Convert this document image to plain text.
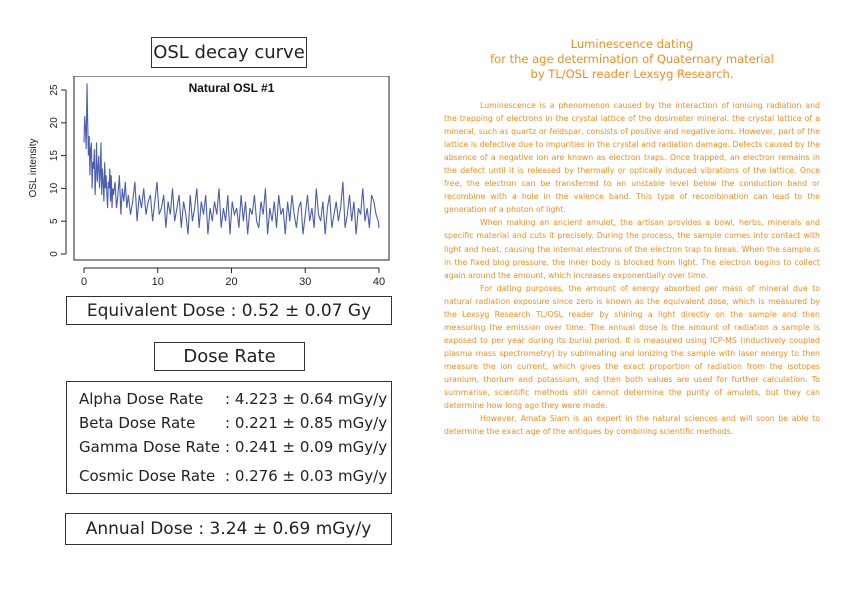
OSL decay curve
Natural OSL #1
0	10	20	30	40
0
5
10
15
20
25
OSL intensity
Equivalent Dose : 0.52 ± 0.07 Gy
Dose Rate
Alpha Dose Rate : 4.223 ± 0.64 mGy/y
Beta Dose Rate : 0.221 ± 0.85 mGy/y
Gamma Dose Rate : 0.241 ± 0.09 mGy/y
Cosmic Dose Rate : 0.276 ± 0.03 mGy/y
Annual Dose : 3.24 ± 0.69 mGy/y
Luminescence dating
for the age determination of Quaternary material
by TL/OSL reader Lexsyg Research.

Luminescence is a phenomenon caused by the interaction of ionising radiation and the trapping of electrons in the crystal lattice of the dosimeter mineral. the crystal lattice of a mineral, such as quartz or feldspar, consists of positive and negative ions. However, part of the lattice is defective due to impurities in the crystal and radiation damage. Defects caused by the absence of a negative ion are known as electron traps. Once trapped, an electron remains in the defect until it is released by thermally or optically induced vibrations of the lattice. Once free, the electron can be transferred to an unstable level below the conduction band or recombine with a hole in the valence band. This type of recombination can lead to the generation of a photon of light.

When making an ancient amulet, the artisan provides a bowl, herbs, minerals and specific material and cuts it precisely. During the process, the sample comes into contact with light and heat, causing the internal electrons of the electron trap to break. When the sample is in the fixed blog pressure, the inner body is blocked from light. The electron begins to collect again around the amount, which increases exponentially over time.

For dating purposes, the amount of energy absorbed per mass of mineral due to natural radiation exposure since zero is known as the equivalent dose, which is measured by the Lexsyg Research TL/OSL reader by shining a light directly on the sample and then measuring the emission over time. The annual dose is the amount of radiation a sample is exposed to per year during its burial period. It is measured using ICP-MS (inductively coupled plasma mass spectrometry) by sublimating and ionizing the sample with laser energy to then measure the ion current, which gives the exact proportion of radiation from the isotopes uranium, thorium and potassium, and then both values are used for further calculation. To summarise, scientific methods still cannot determine the purity of amulets, but they can determine how long ago they were made.

However, Amata Siam is an expert in the natural sciences and will soon be able to determine the exact age of the antiques by combining scientific methods.
